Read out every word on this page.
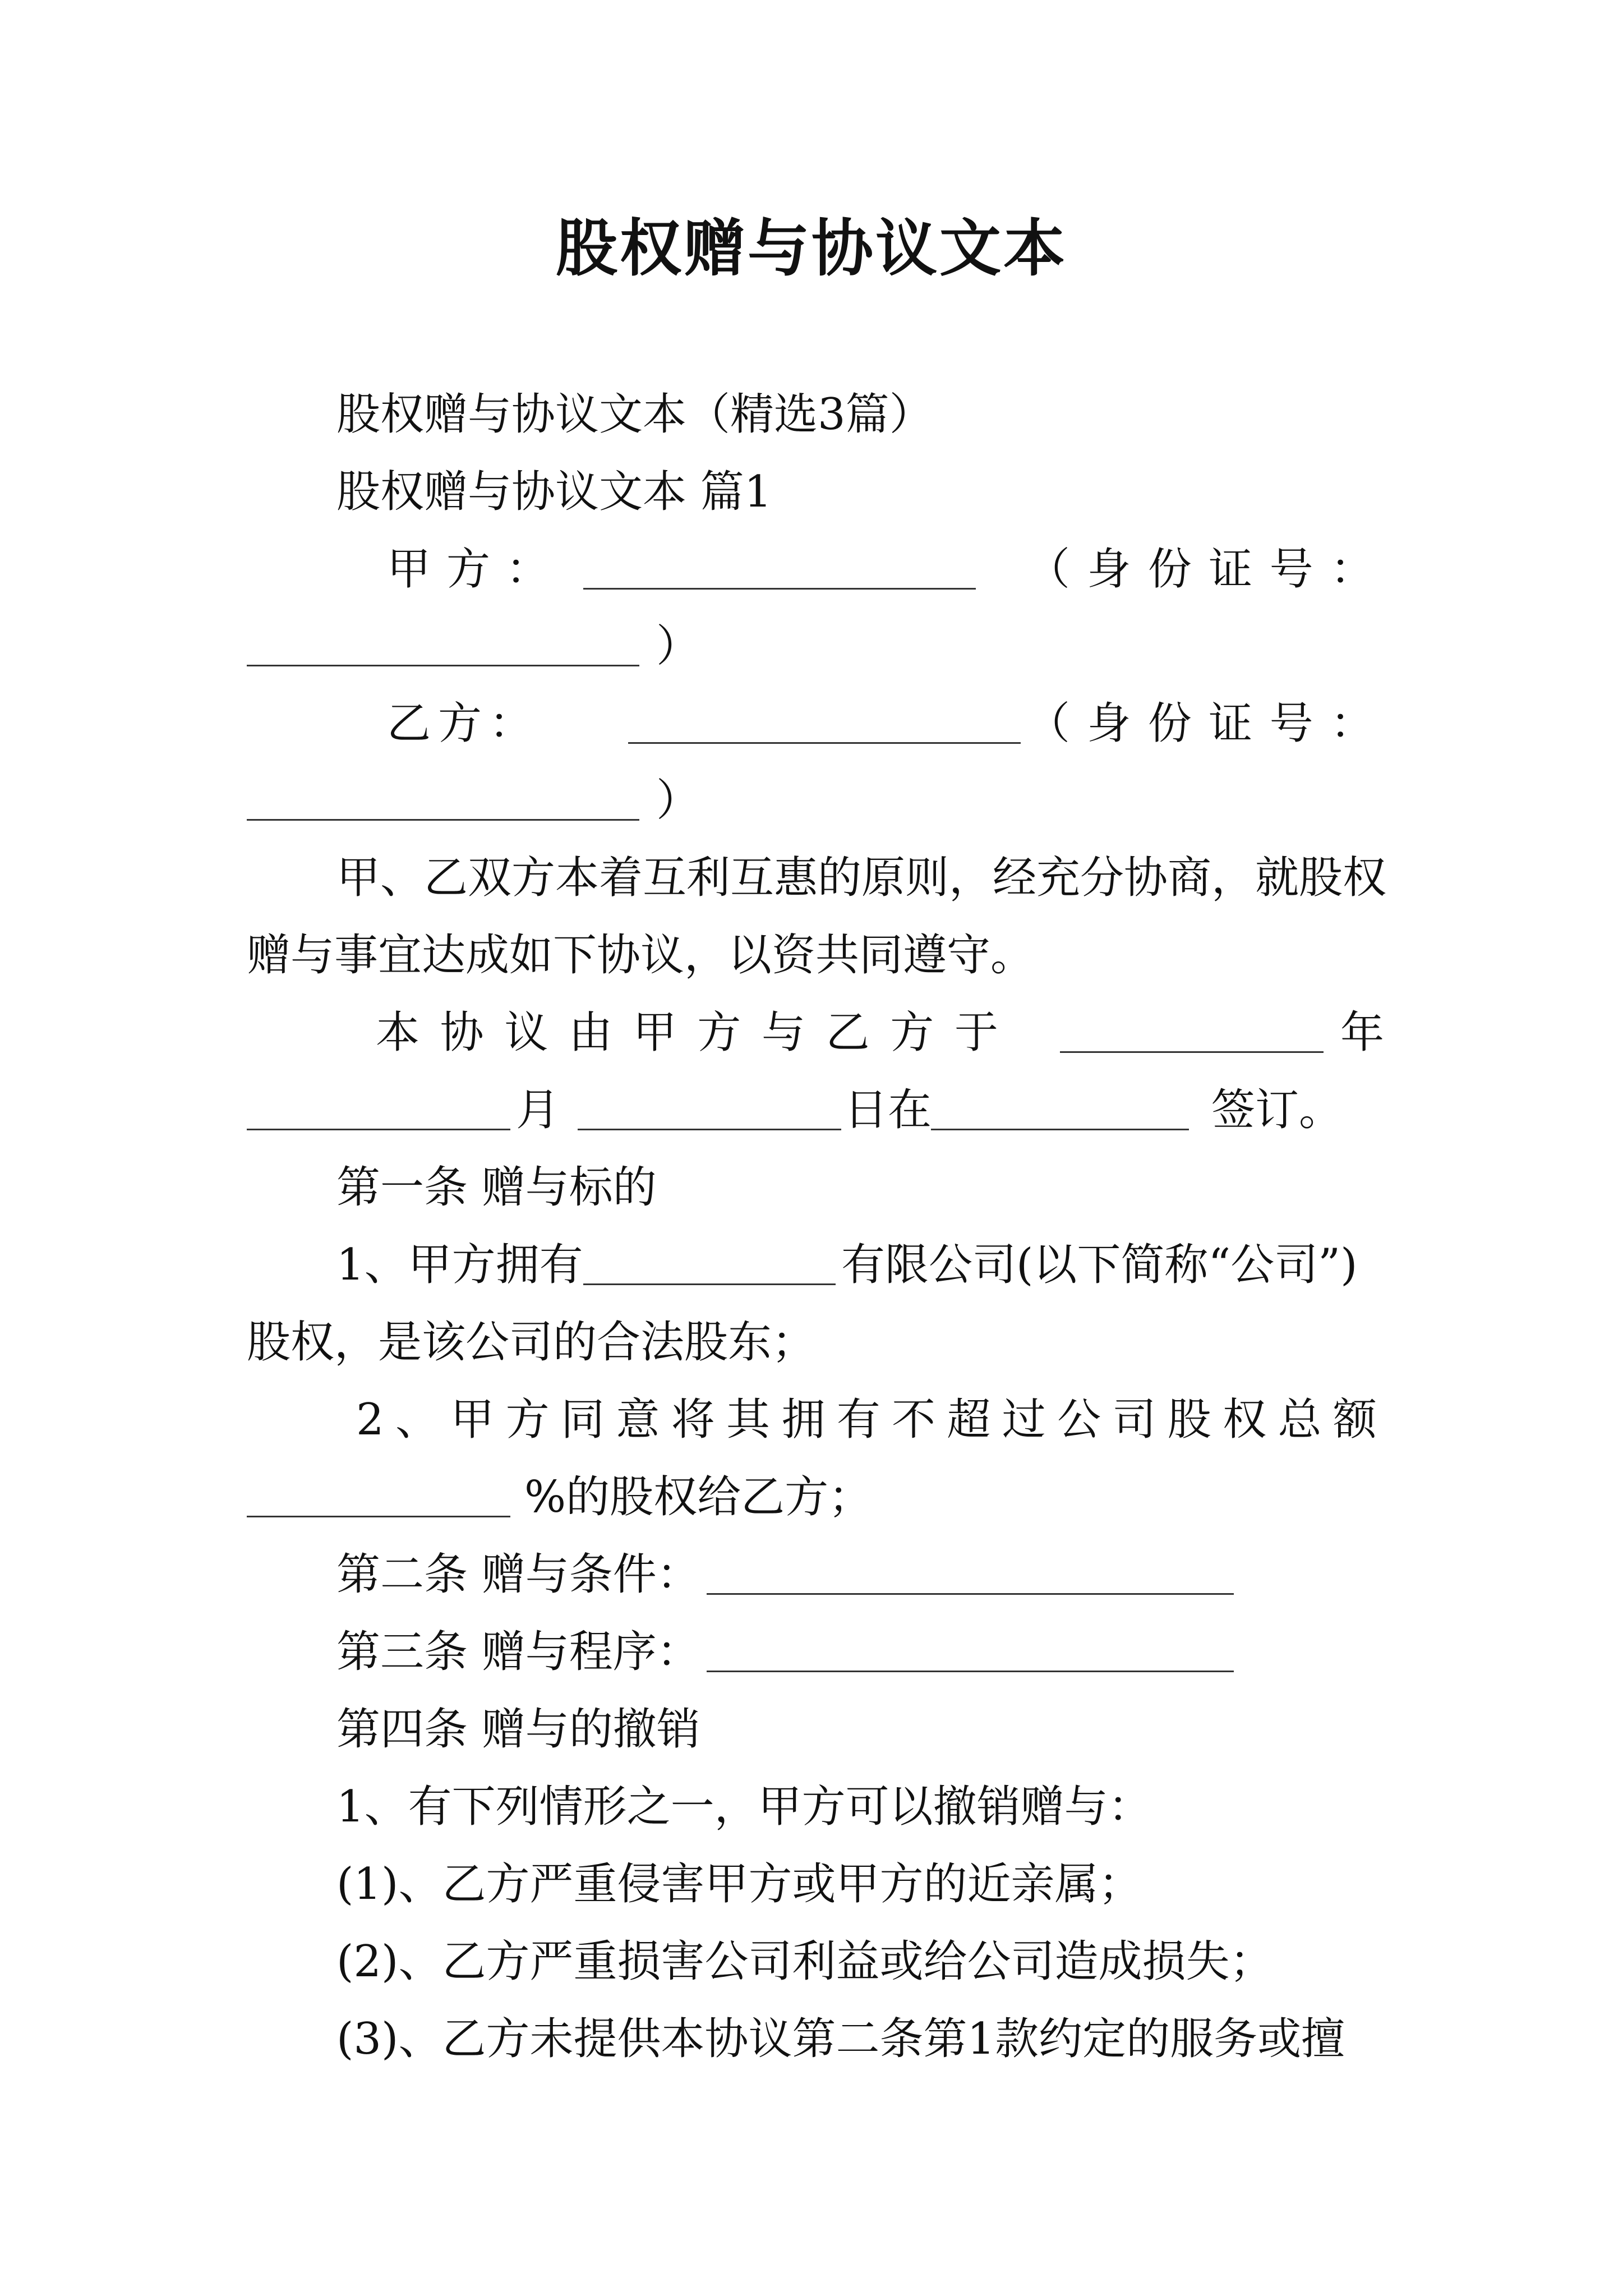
股权赠与协议文本
股权赠与协议文本（精选3篇）
股权赠与协议文本 篇1
甲 方 ：	（ 身 份 证 号 ：
）
乙 方 ：	（ 身 份 证 号 ：
）
甲、乙双方本着互利互惠的原则，经充分协商，就股权
赠与事宜达成如下协议，以资共同遵守。
本 协 议 由 甲 方 与 乙 方 于	年
月	日在	签订。
第一条 赠与标的
1、甲方拥有	有限公司(以下简称“公司”)
股权，是该公司的合法股东；
2 、 甲 方 同 意 将 其 拥 有 不 超 过 公 司 股 权 总 额
%的股权给乙方；
第二条 赠与条件：
第三条 赠与程序：
第四条 赠与的撤销
1、有下列情形之一，甲方可以撤销赠与：
(1)、乙方严重侵害甲方或甲方的近亲属；
(2)、乙方严重损害公司利益或给公司造成损失；
(3)、乙方未提供本协议第二条第1款约定的服务或擅
